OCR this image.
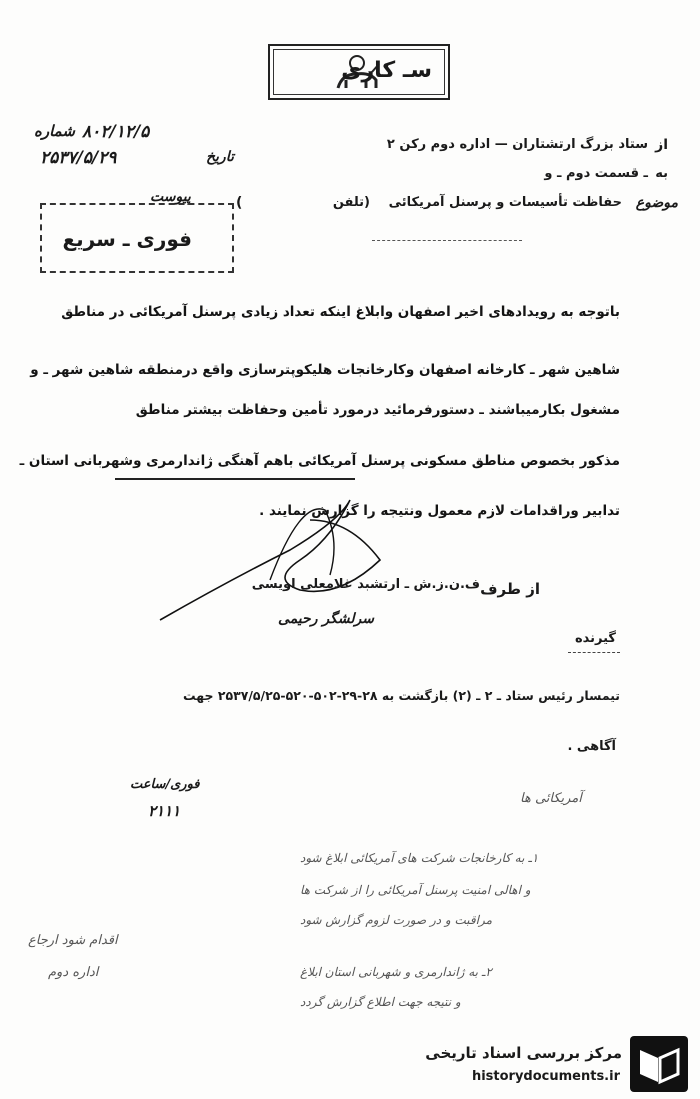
سـ کاری
شماره ۸۰۲/۱۲/۵
تاریخ
۲۵۳۷/۵/۲۹
پیوست
فوری ـ سریع
از
ستاد بزرگ ارتشتاران — اداره دوم رکن ۲
به
ـ قسمت دوم ـ و
موضوع
حفاظت تأسیسات و پرسنل آمریکائی
(تلفن
)
باتوجه به رویدادهای اخیر اصفهان وابلاغ اینکه تعداد زیادی پرسنل آمریکائی در مناطق
شاهین شهر ـ کارخانه اصفهان وکارخانجات هلیکوپترسازی واقع درمنطقه شاهین شهر ـ و
مشغول بکارمیباشند ـ دستورفرمائید درمورد تأمین وحفاظت بیشتر مناطق
مذکور بخصوص مناطق مسکونی پرسنل آمریکائی باهم آهنگی ژاندارمری وشهربانی استان ـ
تدابیر وراقدامات لازم معمول ونتیجه را گزارش نمایند .
از طرف
ف.ن.ز.ش ـ ارتشبد غلامعلی اویسی
سرلشگر رحیمی
گیرنده
تیمسار رئیس ستاد ـ ۲ ـ (۲) بازگشت به ۲۸-۲۹-۵۰۲-۵۲۰-۲۵۳۷/۵/۲۵ جهت
آگاهی .
فوری/ساعت
۲۱۱۱
آمریکائی ها
۱ـ به کارخانجات شرکت های آمریکائی ابلاغ شود
و اهالی امنیت پرسنل آمریکائی را از شرکت ها
مراقبت و در صورت لزوم گزارش شود
۲ـ به ژاندارمری و شهربانی استان ابلاغ
و نتیجه جهت اطلاع گزارش گردد
اقدام شود ارجاع
اداره دوم
مرکز بررسی اسناد تاریخی
historydocuments.ir
